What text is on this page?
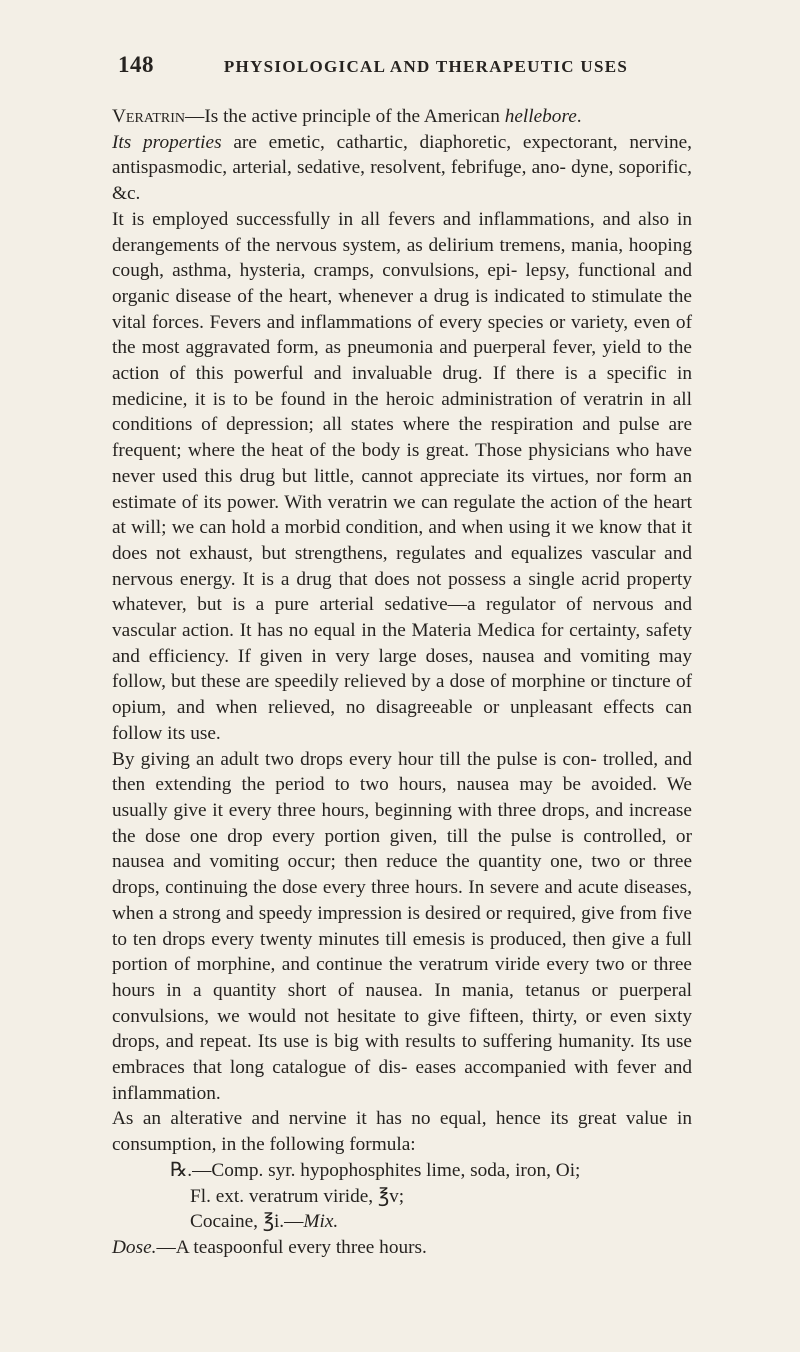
148	PHYSIOLOGICAL AND THERAPEUTIC USES

Veratrin—Is the active principle of the American hellebore.
Its properties are emetic, cathartic, diaphoretic, expectorant, nervine, antispasmodic, arterial, sedative, resolvent, febrifuge, ano- dyne, soporific, &c.

It is employed successfully in all fevers and inflammations, and also in derangements of the nervous system, as delirium tremens, mania, hooping cough, asthma, hysteria, cramps, convulsions, epi- lepsy, functional and organic disease of the heart, whenever a drug is indicated to stimulate the vital forces. Fevers and inflammations of every species or variety, even of the most aggravated form, as pneumonia and puerperal fever, yield to the action of this powerful and invaluable drug. If there is a specific in medicine, it is to be found in the heroic administration of veratrin in all conditions of depression; all states where the respiration and pulse are frequent; where the heat of the body is great. Those physicians who have never used this drug but little, cannot appreciate its virtues, nor form an estimate of its power. With veratrin we can regulate the action of the heart at will; we can hold a morbid condition, and when using it we know that it does not exhaust, but strengthens, regulates and equalizes vascular and nervous energy. It is a drug that does not possess a single acrid property whatever, but is a pure arterial sedative—a regulator of nervous and vascular action. It has no equal in the Materia Medica for certainty, safety and efficiency. If given in very large doses, nausea and vomiting may follow, but these are speedily relieved by a dose of morphine or tincture of opium, and when relieved, no disagreeable or unpleasant effects can follow its use.

By giving an adult two drops every hour till the pulse is con- trolled, and then extending the period to two hours, nausea may be avoided. We usually give it every three hours, beginning with three drops, and increase the dose one drop every portion given, till the pulse is controlled, or nausea and vomiting occur; then reduce the quantity one, two or three drops, continuing the dose every three hours. In severe and acute diseases, when a strong and speedy impression is desired or required, give from five to ten drops every twenty minutes till emesis is produced, then give a full portion of morphine, and continue the veratrum viride every two or three hours in a quantity short of nausea. In mania, tetanus or puerperal convulsions, we would not hesitate to give fifteen, thirty, or even sixty drops, and repeat. Its use is big with results to suffering humanity. Its use embraces that long catalogue of dis- eases accompanied with fever and inflammation.

As an alterative and nervine it has no equal, hence its great value in consumption, in the following formula:

℞.—Comp. syr. hypophosphites lime, soda, iron, Oi;
Fl. ext. veratrum viride, ℥v;
Cocaine, ℥i.—Mix.

Dose.—A teaspoonful every three hours.
